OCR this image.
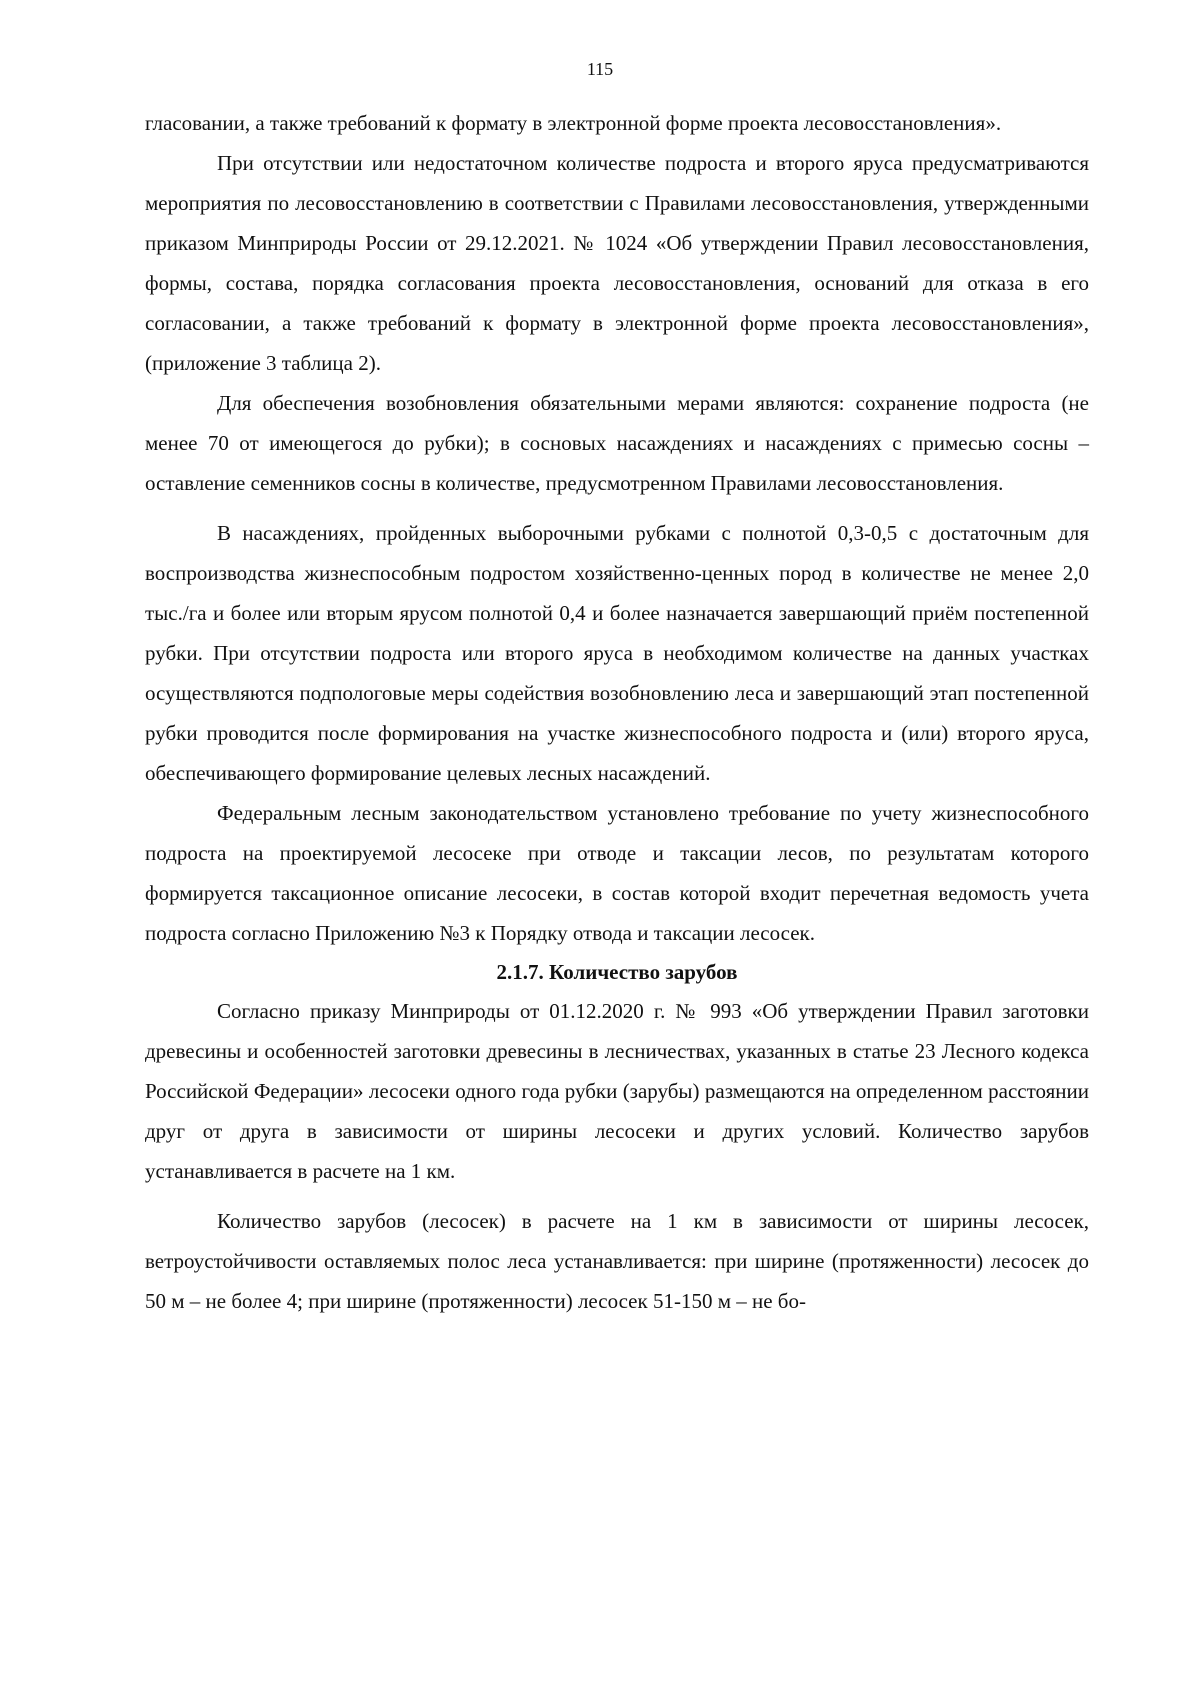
115

гласовании, а также требований к формату в электронной форме проекта лесовосстановления».

При отсутствии или недостаточном количестве подроста и второго яруса предусматриваются мероприятия по лесовосстановлению в соответствии с Правилами лесовосстановления, утвержденными приказом Минприроды России от 29.12.2021. № 1024 «Об утверждении Правил лесовосстановления, формы, состава, порядка согласования проекта лесовосстановления, оснований для отказа в его согласовании, а также требований к формату в электронной форме проекта лесовосстановления», (приложение 3 таблица 2).

Для обеспечения возобновления обязательными мерами являются: сохранение подроста (не менее 70 от имеющегося до рубки); в сосновых насаждениях и насаждениях с примесью сосны – оставление семенников сосны в количестве, предусмотренном Правилами лесовосстановления.

В насаждениях, пройденных выборочными рубками с полнотой 0,3-0,5 с достаточным для воспроизводства жизнеспособным подростом хозяйственно-ценных пород в количестве не менее 2,0 тыс./га и более или вторым ярусом полнотой 0,4 и более назначается завершающий приём постепенной рубки. При отсутствии подроста или второго яруса в необходимом количестве на данных участках осуществляются подпологовые меры содействия возобновлению леса и завершающий этап постепенной рубки проводится после формирования на участке жизнеспособного подроста и (или) второго яруса, обеспечивающего формирование целевых лесных насаждений.

Федеральным лесным законодательством установлено требование по учету жизнеспособного подроста на проектируемой лесосеке при отводе и таксации лесов, по результатам которого формируется таксационное описание лесосеки, в состав которой входит перечетная ведомость учета подроста согласно Приложению №3 к Порядку отвода и таксации лесосек.

2.1.7. Количество зарубов

Согласно приказу Минприроды от 01.12.2020 г. № 993 «Об утверждении Правил заготовки древесины и особенностей заготовки древесины в лесничествах, указанных в статье 23 Лесного кодекса Российской Федерации» лесосеки одного года рубки (зарубы) размещаются на определенном расстоянии друг от друга в зависимости от ширины лесосеки и других условий. Количество зарубов устанавливается в расчете на 1 км.

Количество зарубов (лесосек) в расчете на 1 км в зависимости от ширины лесосек, ветроустойчивости оставляемых полос леса устанавливается: при ширине (протяженности) лесосек до 50 м – не более 4; при ширине (протяженности) лесосек 51-150 м – не бо-
